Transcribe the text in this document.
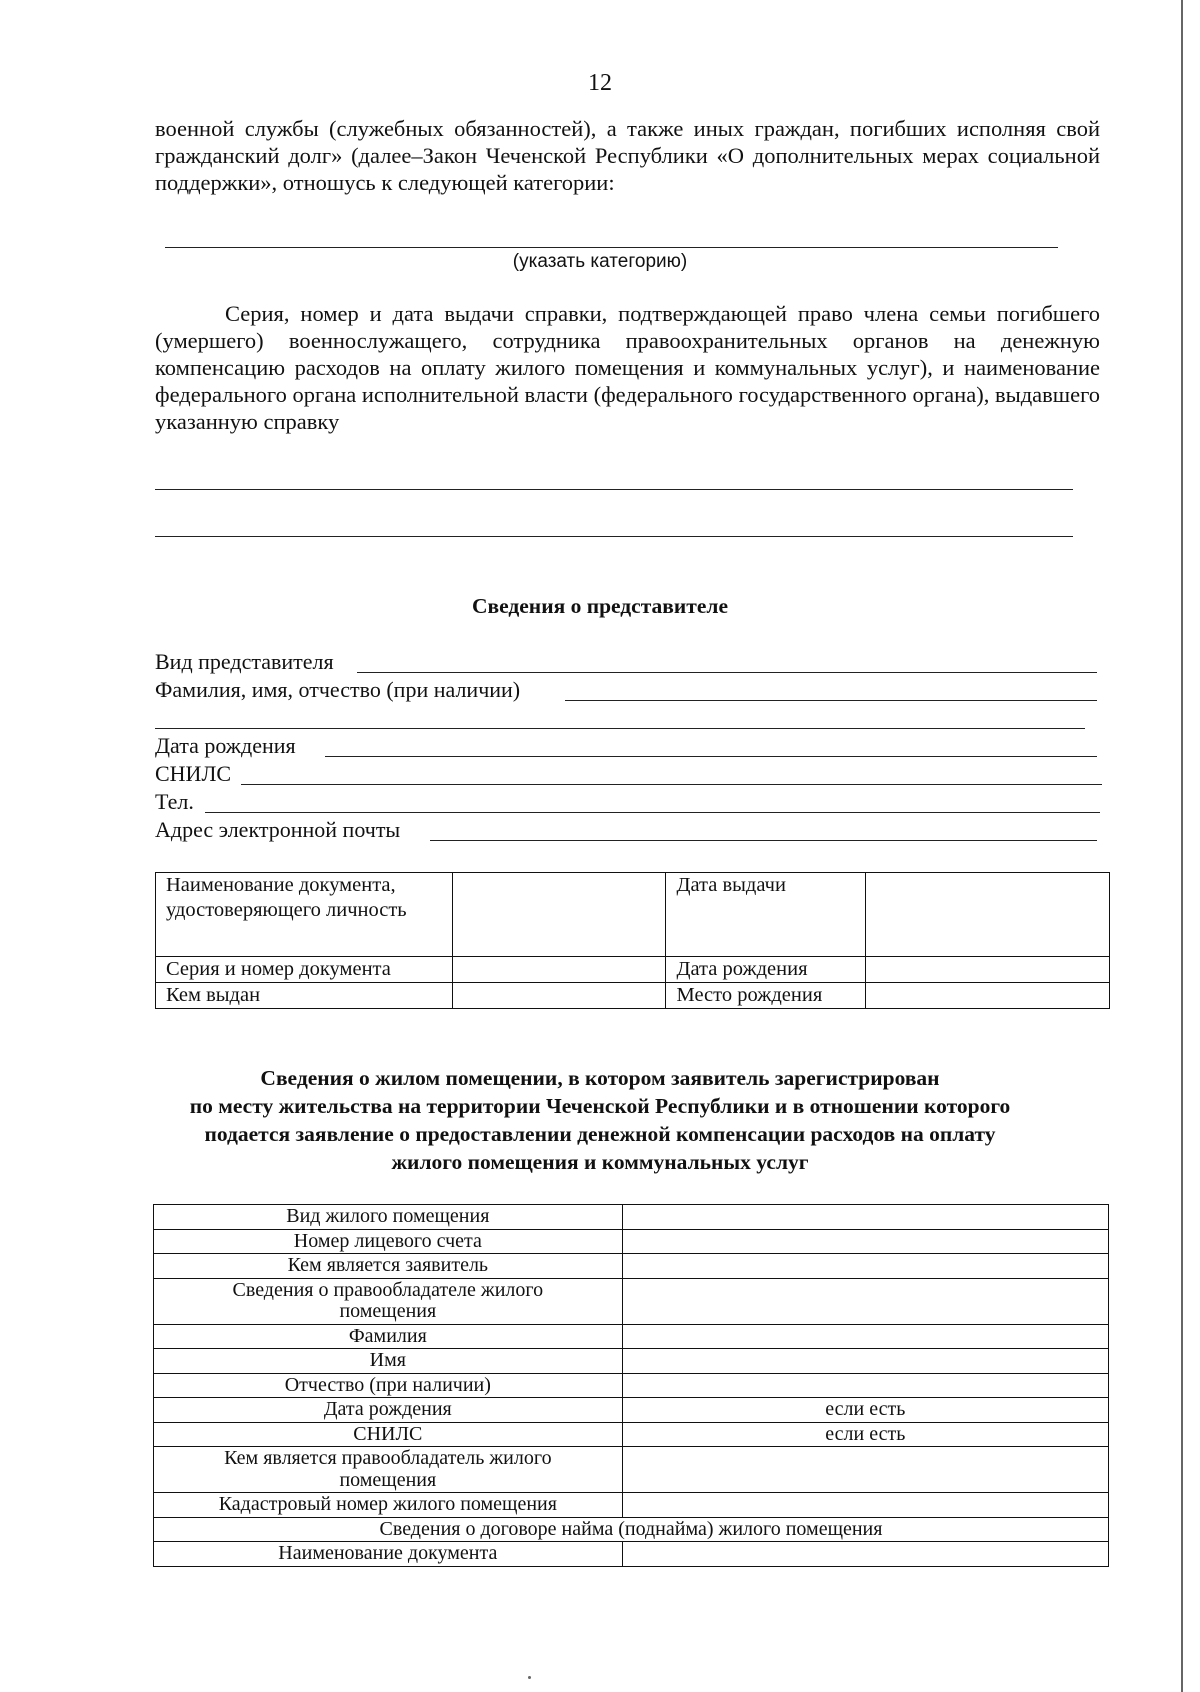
12
военной службы (служебных обязанностей), а также иных граждан, погибших исполняя свой гражданский долг» (далее–Закон Чеченской Республики «О дополнительных мерах социальной поддержки», отношусь к следующей категории:
(указать категорию)
Серия, номер и дата выдачи справки, подтверждающей право члена семьи погибшего (умершего) военнослужащего, сотрудника правоохранительных органов на денежную компенсацию расходов на оплату жилого помещения и коммунальных услуг), и наименование федерального органа исполнительной власти (федерального государственного органа), выдавшего указанную справку
Сведения о представителе
Вид представителя
Фамилия, имя, отчество (при наличии)
Дата рождения
СНИЛС
Тел.
Адрес электронной почты
Наименование документа, удостоверяющего личность		Дата выдачи	
Серия и номер документа		Дата рождения	
Кем выдан		Место рождения	
Сведения о жилом помещении, в котором заявитель зарегистрирован
по месту жительства на территории Чеченской Республики и в отношении которого
подается заявление о предоставлении денежной компенсации расходов на оплату
жилого помещения и коммунальных услуг
Вид жилого помещения	
Номер лицевого счета	
Кем является заявитель	
Сведения о правообладателе жилого помещения	
Фамилия	
Имя	
Отчество (при наличии)	
Дата рождения	если есть
СНИЛС	если есть
Кем является правообладатель жилого помещения	
Кадастровый номер жилого помещения	
Сведения о договоре найма (поднайма) жилого помещения	
Наименование документа	
